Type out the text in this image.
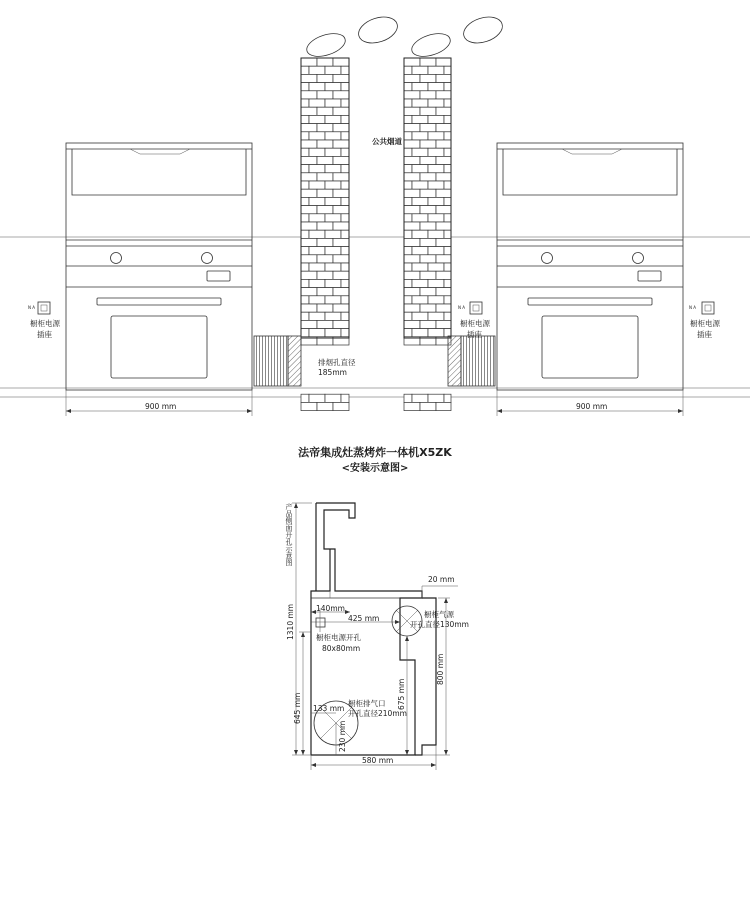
公共烟道
排烟孔直径
185mm
N A
橱柜电源
插座
N A
橱柜电源
插座
N A
橱柜电源
插座
900 mm	900 mm
法帝集成灶蒸烤炸一体机X5ZK
<安装示意图>
产品侧面开孔示意图
1310 mm
645 mm
20 mm
140mm
425 mm
橱柜电源开孔
80x80mm
橱柜气源
开孔直径130mm
675 mm
800 mm
133 mm
橱柜排气口
开孔直径210mm
230 mm
580 mm
